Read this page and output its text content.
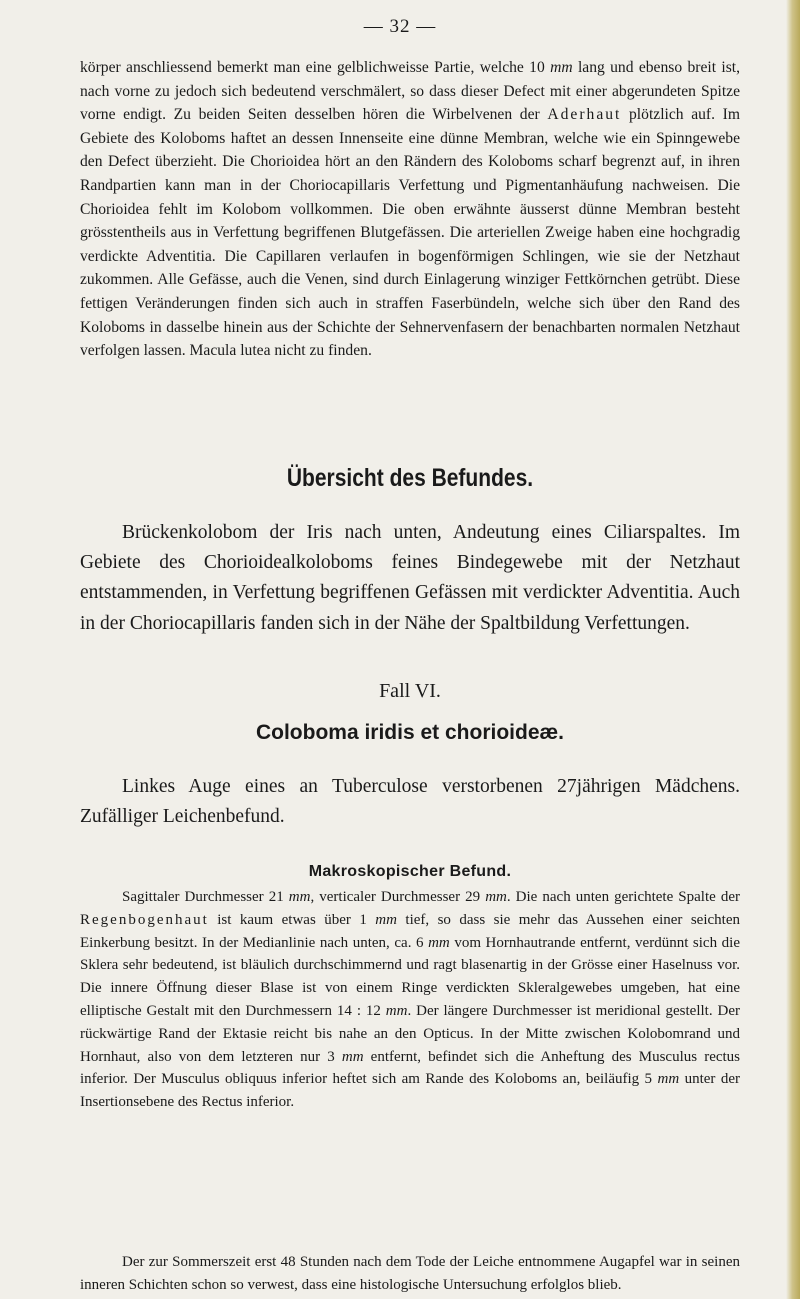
— 32 —

körper anschliessend bemerkt man eine gelblichweisse Partie, welche 10 mm lang und ebenso breit ist, nach vorne zu jedoch sich bedeutend verschmälert, so dass dieser Defect mit einer abgerundeten Spitze vorne endigt. Zu beiden Seiten desselben hören die Wirbelvenen der Aderhaut plötzlich auf. Im Gebiete des Koloboms haftet an dessen Innenseite eine dünne Membran, welche wie ein Spinngewebe den Defect überzieht. Die Chorioidea hört an den Rändern des Koloboms scharf begrenzt auf, in ihren Randpartien kann man in der Choriocapillaris Verfettung und Pigmentanhäufung nachweisen. Die Chorioidea fehlt im Kolobom vollkommen. Die oben erwähnte äusserst dünne Membran besteht grösstentheils aus in Verfettung begriffenen Blutgefässen. Die arteriellen Zweige haben eine hochgradig verdickte Adventitia. Die Capillaren verlaufen in bogenförmigen Schlingen, wie sie der Netzhaut zukommen. Alle Gefässe, auch die Venen, sind durch Einlagerung winziger Fettkörnchen getrübt. Diese fettigen Veränderungen finden sich auch in straffen Faserbündeln, welche sich über den Rand des Koloboms in dasselbe hinein aus der Schichte der Sehnervenfasern der benachbarten normalen Netzhaut verfolgen lassen. Macula lutea nicht zu finden.

Übersicht des Befundes.

Brückenkolobom der Iris nach unten, Andeutung eines Ciliarspaltes. Im Gebiete des Chorioidealkoloboms feines Bindegewebe mit der Netzhaut entstammenden, in Verfettung begriffenen Gefässen mit verdickter Adventitia. Auch in der Choriocapillaris fanden sich in der Nähe der Spaltbildung Verfettungen.

Fall VI.
Coloboma iridis et chorioideæ.

Linkes Auge eines an Tuberculose verstorbenen 27jährigen Mädchens. Zufälliger Leichenbefund.

Makroskopischer Befund.

Sagittaler Durchmesser 21 mm, verticaler Durchmesser 29 mm. Die nach unten gerichtete Spalte der Regenbogenhaut ist kaum etwas über 1 mm tief, so dass sie mehr das Aussehen einer seichten Einkerbung besitzt. In der Medianlinie nach unten, ca. 6 mm vom Hornhautrande entfernt, verdünnt sich die Sklera sehr bedeutend, ist bläulich durchschimmernd und ragt blasenartig in der Grösse einer Haselnuss vor. Die innere Öffnung dieser Blase ist von einem Ringe verdickten Skleralgewebes umgeben, hat eine elliptische Gestalt mit den Durchmessern 14 : 12 mm. Der längere Durchmesser ist meridional gestellt. Der rückwärtige Rand der Ektasie reicht bis nahe an den Opticus. In der Mitte zwischen Kolobomrand und Hornhaut, also von dem letzteren nur 3 mm entfernt, befindet sich die Anheftung des Musculus rectus inferior. Der Musculus obliquus inferior heftet sich am Rande des Koloboms an, beiläufig 5 mm unter der Insertionsebene des Rectus inferior.

Der zur Sommerszeit erst 48 Stunden nach dem Tode der Leiche entnommene Augapfel war in seinen inneren Schichten schon so verwest, dass eine histologische Untersuchung erfolglos blieb.
